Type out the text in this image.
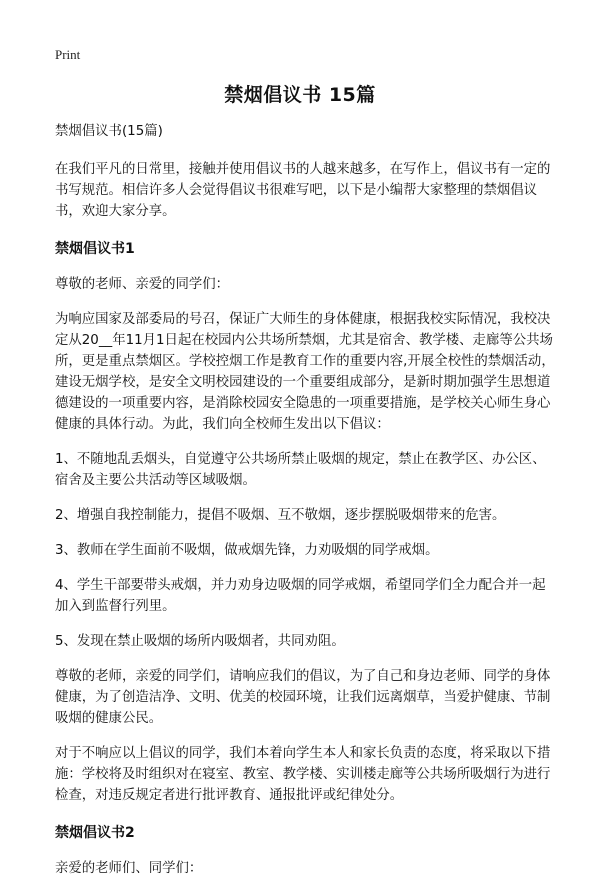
Print
禁烟倡议书 15篇

禁烟倡议书(15篇)

在我们平凡的日常里，接触并使用倡议书的人越来越多，在写作上，倡议书有一定的书写规范。相信许多人会觉得倡议书很难写吧，以下是小编帮大家整理的禁烟倡议书，欢迎大家分享。

禁烟倡议书1

尊敬的老师、亲爱的同学们：

为响应国家及部委局的号召，保证广大师生的身体健康，根据我校实际情况，我校决定从20__年11月1日起在校园内公共场所禁烟，尤其是宿舍、教学楼、走廊等公共场所，更是重点禁烟区。学校控烟工作是教育工作的重要内容,开展全校性的禁烟活动，建设无烟学校，是安全文明校园建设的一个重要组成部分，是新时期加强学生思想道德建设的一项重要内容，是消除校园安全隐患的一项重要措施，是学校关心师生身心健康的具体行动。为此，我们向全校师生发出以下倡议：

1、不随地乱丢烟头，自觉遵守公共场所禁止吸烟的规定，禁止在教学区、办公区、宿舍及主要公共活动等区域吸烟。

2、增强自我控制能力，提倡不吸烟、互不敬烟，逐步摆脱吸烟带来的危害。

3、教师在学生面前不吸烟，做戒烟先锋，力劝吸烟的同学戒烟。

4、学生干部要带头戒烟，并力劝身边吸烟的同学戒烟，希望同学们全力配合并一起加入到监督行列里。

5、发现在禁止吸烟的场所内吸烟者，共同劝阻。

尊敬的老师，亲爱的同学们，请响应我们的倡议，为了自己和身边老师、同学的身体健康，为了创造洁净、文明、优美的校园环境，让我们远离烟草，当爱护健康、节制吸烟的健康公民。

对于不响应以上倡议的同学，我们本着向学生本人和家长负责的态度，将采取以下措施：学校将及时组织对在寝室、教室、教学楼、实训楼走廊等公共场所吸烟行为进行检查，对违反规定者进行批评教育、通报批评或纪律处分。

禁烟倡议书2

亲爱的老师们、同学们：
